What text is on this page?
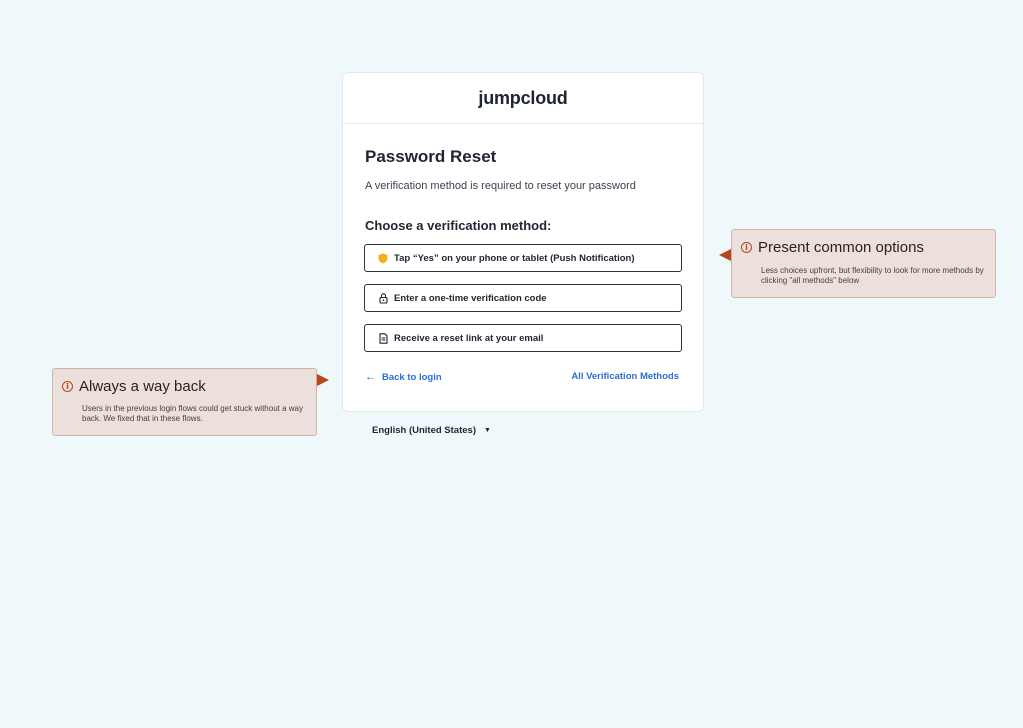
jumpcloud
Password Reset
A verification method is required to reset your password
Choose a verification method:
Tap “Yes” on your phone or tablet (Push Notification)
Enter a one-time verification code
Receive a reset link at your email
← Back to login	All Verification Methods
English (United States) ▼
i Present common options
Less choices upfront, but flexibility to look for more methods by clicking "all methods" below
i Always a way back
Users in the previous login flows could get stuck without a way back. We fixed that in these flows.
